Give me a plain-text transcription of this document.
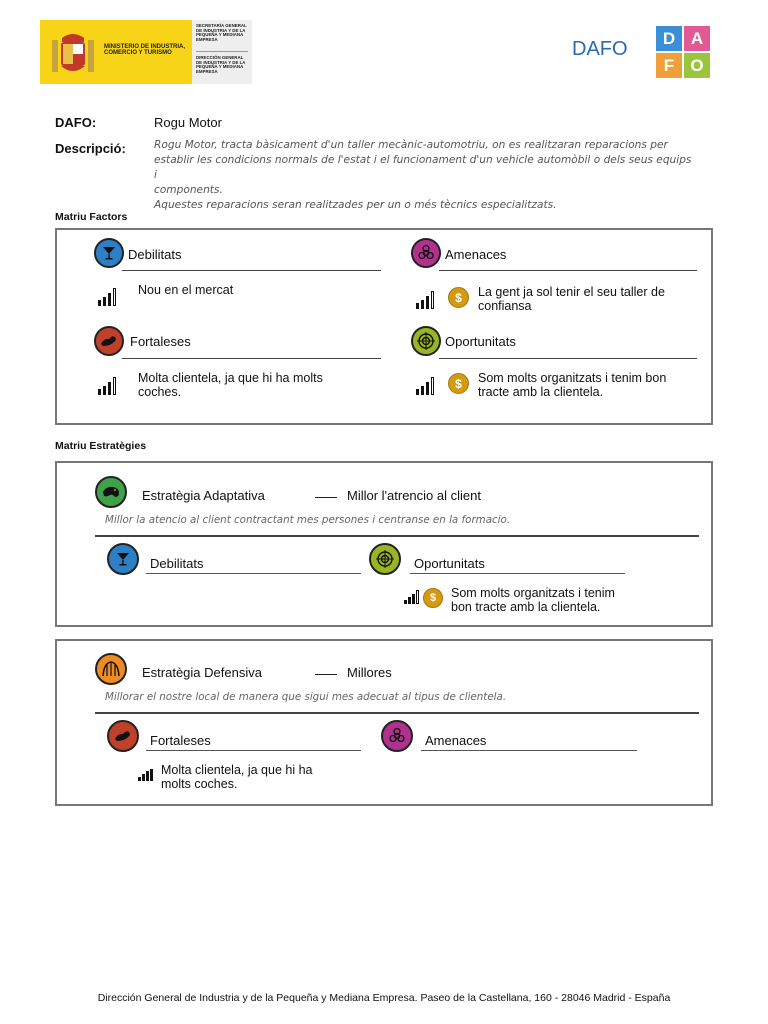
MINISTERIO DE INDUSTRIA, COMERCIO Y TURISMO
SECRETARÍA GENERAL DE INDUSTRIA Y DE LA PEQUEÑA Y MEDIANA EMPRESA
DIRECCIÓN GENERAL DE INDUSTRIA Y DE LA PEQUEÑA Y MEDIANA EMPRESA
DAFO	D A
F O
DAFO:	Rogu Motor
Descripció:	Rogu Motor, tracta bàsicament d'un taller mecànic-automotriu, on es realitzaran reparacions per
establir les condicions normals de l'estat i el funcionament d'un vehicle automòbil o dels seus equips i
components.
Aquestes reparacions seran realitzades per un o més tècnics especialitzats.
Matriu Factors
Debilitats
Nou en el mercat
Amenaces
$	La gent ja sol tenir el seu taller de
confiansa
Fortaleses
Molta clientela, ja que hi ha molts
coches.
Oportunitats
$	Som molts organitzats i tenim bon
tracte amb la clientela.
Matriu Estratègies
Estratègia Adaptativa	Millor l'atrencio al client
Millor la atencio al client contractant mes persones i centranse en la formacio.
Debilitats	Oportunitats
$	Som molts organitzats i tenim
bon tracte amb la clientela.
Estratègia Defensiva	Millores
Millorar el nostre local de manera que sigui mes adecuat al tipus de clientela.
Fortaleses	Amenaces
Molta clientela, ja que hi ha
molts coches.
Dirección General de Industria y de la Pequeña y Mediana Empresa. Paseo de la Castellana, 160 - 28046 Madrid - España
